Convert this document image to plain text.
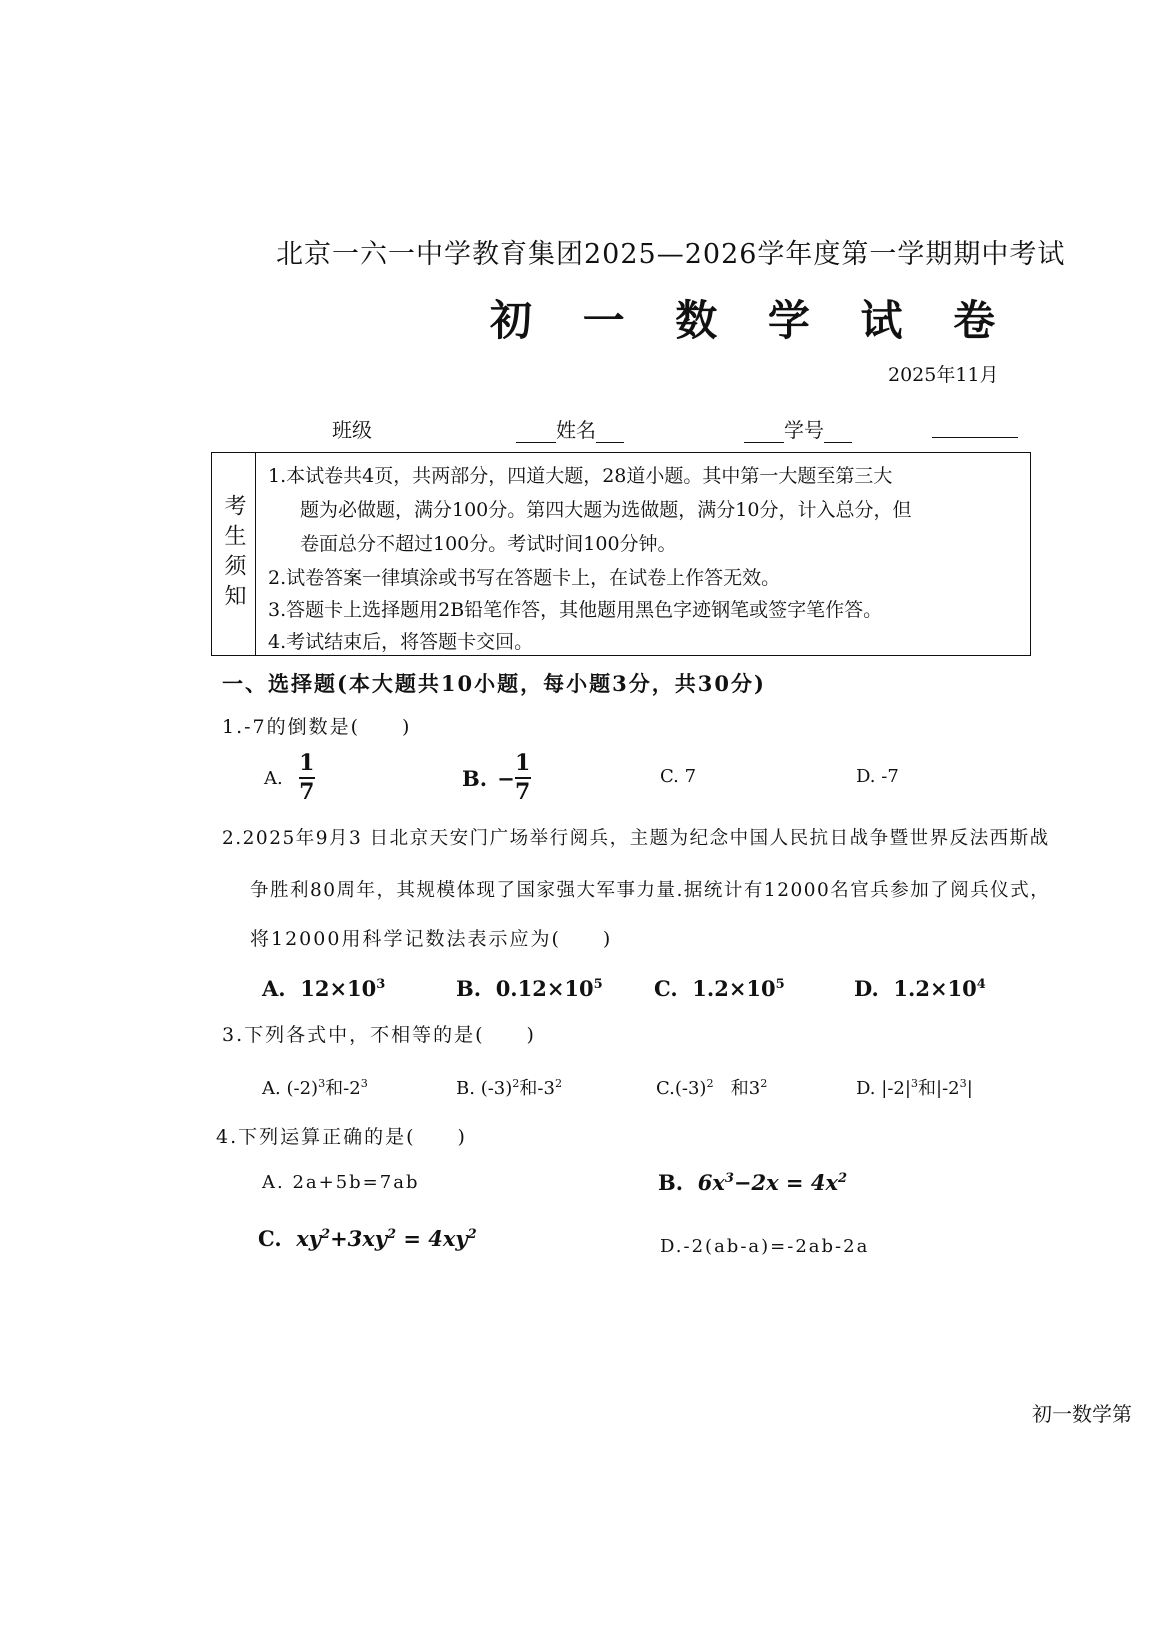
北京一六一中学教育集团2025—2026学年度第一学期期中考试
初 一 数 学 试 卷
2025年11月
班级	姓名	学号
考生须知
1.本试卷共4页，共两部分，四道大题，28道小题。其中第一大题至第三大
题为必做题，满分100分。第四大题为选做题，满分10分，计入总分，但
卷面总分不超过100分。考试时间100分钟。
2.试卷答案一律填涂或书写在答题卡上，在试卷上作答无效。
3.答题卡上选择题用2B铅笔作答，其他题用黑色字迹钢笔或签字笔作答。
4.考试结束后，将答题卡交回。
一、选择题(本大题共10小题，每小题3分，共30分)
1.-7的倒数是(　　)
A. $\frac{1}{7}$	B. − $\frac{1}{7}$	C. 7	D. -7
2.2025年9月3 日北京天安门广场举行阅兵，主题为纪念中国人民抗日战争暨世界反法西斯战
争胜利80周年，其规模体现了国家强大军事力量.据统计有12000名官兵参加了阅兵仪式，
将12000用科学记数法表示应为(　　)
A. $12\times 10^3$	B. $0.12\times 10^5$ C. $1.2\times 10^5$	D. $1.2\times 10^4$
3.下列各式中，不相等的是(　　)
A. $(-2)^3$和$-2^3$	B. $(-3)^2$和$-3^2$	$C.(-3)^2$ 和$3^2$	D. $|-2|^3$和$|-2^3|$
4.下列运算正确的是(　　)
A. 2a+5b=7ab	B. $6x^3-2x = 4x^2$
C. $xy^2+3xy^2 = 4xy^2$
D.-2(ab-a)=-2ab-2a
初一数学第
